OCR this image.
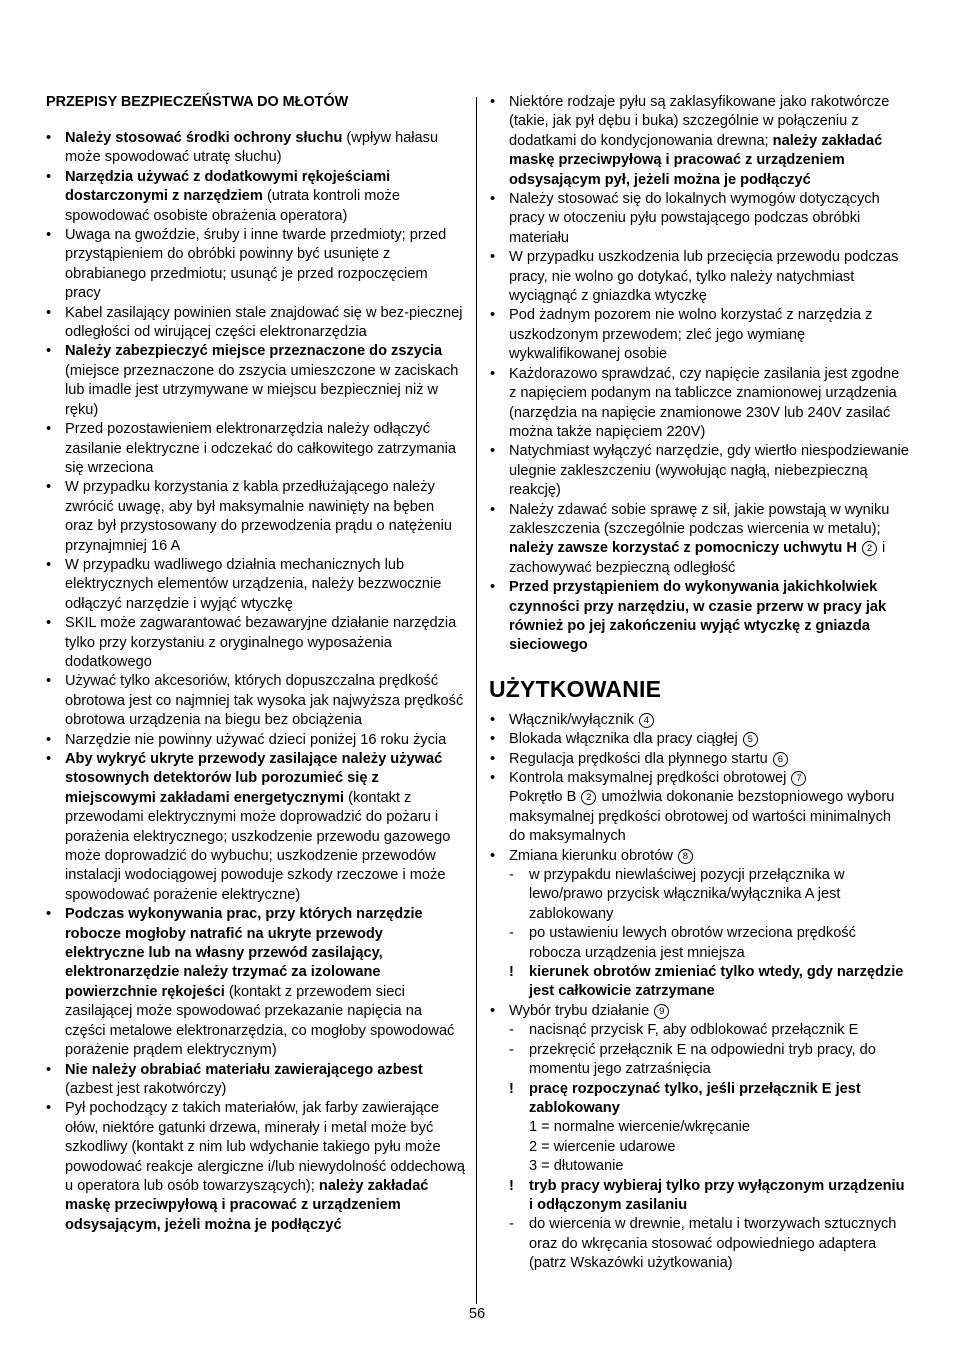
PRZEPISY BEZPIECZEŃSTWA DO MŁOTÓW
• Należy stosować środki ochrony słuchu (wpływ hałasu może spowodować utratę słuchu)
• Narzędzia używać z dodatkowymi rękojeściami dostarczonymi z narzędziem (utrata kontroli może spowodować osobiste obrażenia operatora)
• Uwaga na gwoździe, śruby i inne twarde przedmioty; przed przystąpieniem do obróbki powinny być usunięte z obrabianego przedmiotu; usunąć je przed rozpoczęciem pracy
• Kabel zasilający powinien stale znajdować się w bez-piecznej odległości od wirującej części elektronarzędzia
• Należy zabezpieczyć miejsce przeznaczone do zszycia (miejsce przeznaczone do zszycia umieszczone w zaciskach lub imadle jest utrzymywane w miejscu bezpieczniej niż w ręku)
• Przed pozostawieniem elektronarzędzia należy odłączyć zasilanie elektryczne i odczekać do całkowitego zatrzymania się wrzeciona
• W przypadku korzystania z kabla przedłużającego należy zwrócić uwagę, aby był maksymalnie nawinięty na bęben oraz był przystosowany do przewodzenia prądu o natężeniu przynajmniej 16 A
• W przypadku wadliwego działnia mechanicznych lub elektrycznych elementów urządzenia, należy bezzwocznie odłączyć narzędzie i wyjąć wtyczkę
• SKIL może zagwarantować bezawaryjne działanie narzędzia tylko przy korzystaniu z oryginalnego wyposażenia dodatkowego
• Używać tylko akcesoriów, których dopuszczalna prędkość obrotowa jest co najmniej tak wysoka jak najwyższa prędkość obrotowa urządzenia na biegu bez obciążenia
• Narzędzie nie powinny używać dzieci poniżej 16 roku życia
• Aby wykryć ukryte przewody zasilające należy używać stosownych detektorów lub porozumieć się z miejscowymi zakładami energetycznymi (kontakt z przewodami elektrycznymi może doprowadzić do pożaru i porażenia elektrycznego; uszkodzenie przewodu gazowego może doprowadzić do wybuchu; uszkodzenie przewodów instalacji wodociągowej powoduje szkody rzeczowe i może spowodować porażenie elektryczne)
• Podczas wykonywania prac, przy których narzędzie robocze mogłoby natrafić na ukryte przewody elektryczne lub na własny przewód zasilający, elektronarzędzie należy trzymać za izolowane powierzchnie rękojeści (kontakt z przewodem sieci zasilającej może spowodować przekazanie napięcia na części metalowe elektronarzędzia, co mogłoby spowodować porażenie prądem elektrycznym)
• Nie należy obrabiać materiału zawierającego azbest (azbest jest rakotwórczy)
• Pył pochodzący z takich materiałów, jak farby zawierające ołów, niektóre gatunki drzewa, minerały i metal może być szkodliwy (kontakt z nim lub wdychanie takiego pyłu może powodować reakcje alergiczne i/lub niewydolność oddechową u operatora lub osób towarzyszących); należy zakładać maskę przeciwpyłową i pracować z urządzeniem odsysającym, jeżeli można je podłączyć
• Niektóre rodzaje pyłu są zaklasyfikowane jako rakotwórcze (takie, jak pył dębu i buka) szczególnie w połączeniu z dodatkami do kondycjonowania drewna; należy zakładać maskę przeciwpyłową i pracować z urządzeniem odsysającym pył, jeżeli można je podłączyć
• Należy stosować się do lokalnych wymogów dotyczących pracy w otoczeniu pyłu powstającego podczas obróbki materiału
• W przypadku uszkodzenia lub przecięcia przewodu podczas pracy, nie wolno go dotykać, tylko należy natychmiast wyciągnąć z gniazdka wtyczkę
• Pod żadnym pozorem nie wolno korzystać z narzędzia z uszkodzonym przewodem; zleć jego wymianę wykwalifikowanej osobie
• Każdorazowo sprawdzać, czy napięcie zasilania jest zgodne z napięciem podanym na tabliczce znamionowej urządzenia (narzędzia na napięcie znamionowe 230V lub 240V zasilać można także napięciem 220V)
• Natychmiast wyłączyć narzędzie, gdy wiertło niespodziewanie ulegnie zakleszczeniu (wywołując nagłą, niebezpieczną reakcję)
• Należy zdawać sobie sprawę z sił, jakie powstają w wyniku zakleszczenia (szczególnie podczas wiercenia w metalu); należy zawsze korzystać z pomocniczy uchwytu H 2 i zachowywać bezpieczną odległość
• Przed przystąpieniem do wykonywania jakichkolwiek czynności przy narzędziu, w czasie przerw w pracy jak również po jej zakończeniu wyjąć wtyczkę z gniazda sieciowego
UŻYTKOWANIE
• Włącznik/wyłącznik 4
• Blokada włącznika dla pracy ciągłej 5
• Regulacja prędkości dla płynnego startu 6
• Kontrola maksymalnej prędkości obrotowej 7
Pokrętło B 2 umożlwia dokonanie bezstopniowego wyboru maksymalnej prędkości obrotowej od wartości minimalnych do maksymalnych
• Zmiana kierunku obrotów 8
- w przypakdu niewlaściwej pozycji przełącznika w lewo/prawo przycisk włącznika/wyłącznika A jest zablokowany
- po ustawieniu lewych obrotów wrzeciona prędkość robocza urządzenia jest mniejsza
! kierunek obrotów zmieniać tylko wtedy, gdy narzędzie jest całkowicie zatrzymane
• Wybór trybu działanie 9
- nacisnąć przycisk F, aby odblokować przełącznik E
- przekręcić przełącznik E na odpowiedni tryb pracy, do momentu jego zatrzaśnięcia
! pracę rozpoczynać tylko, jeśli przełącznik E jest zablokowany
1 = normalne wiercenie/wkręcanie
2 = wiercenie udarowe
3 = dłutowanie
! tryb pracy wybieraj tylko przy wyłączonym urządzeniu i odłączonym zasilaniu
- do wiercenia w drewnie, metalu i tworzywach sztucznych oraz do wkręcania stosować odpowiedniego adaptera (patrz Wskazówki użytkowania)
56
